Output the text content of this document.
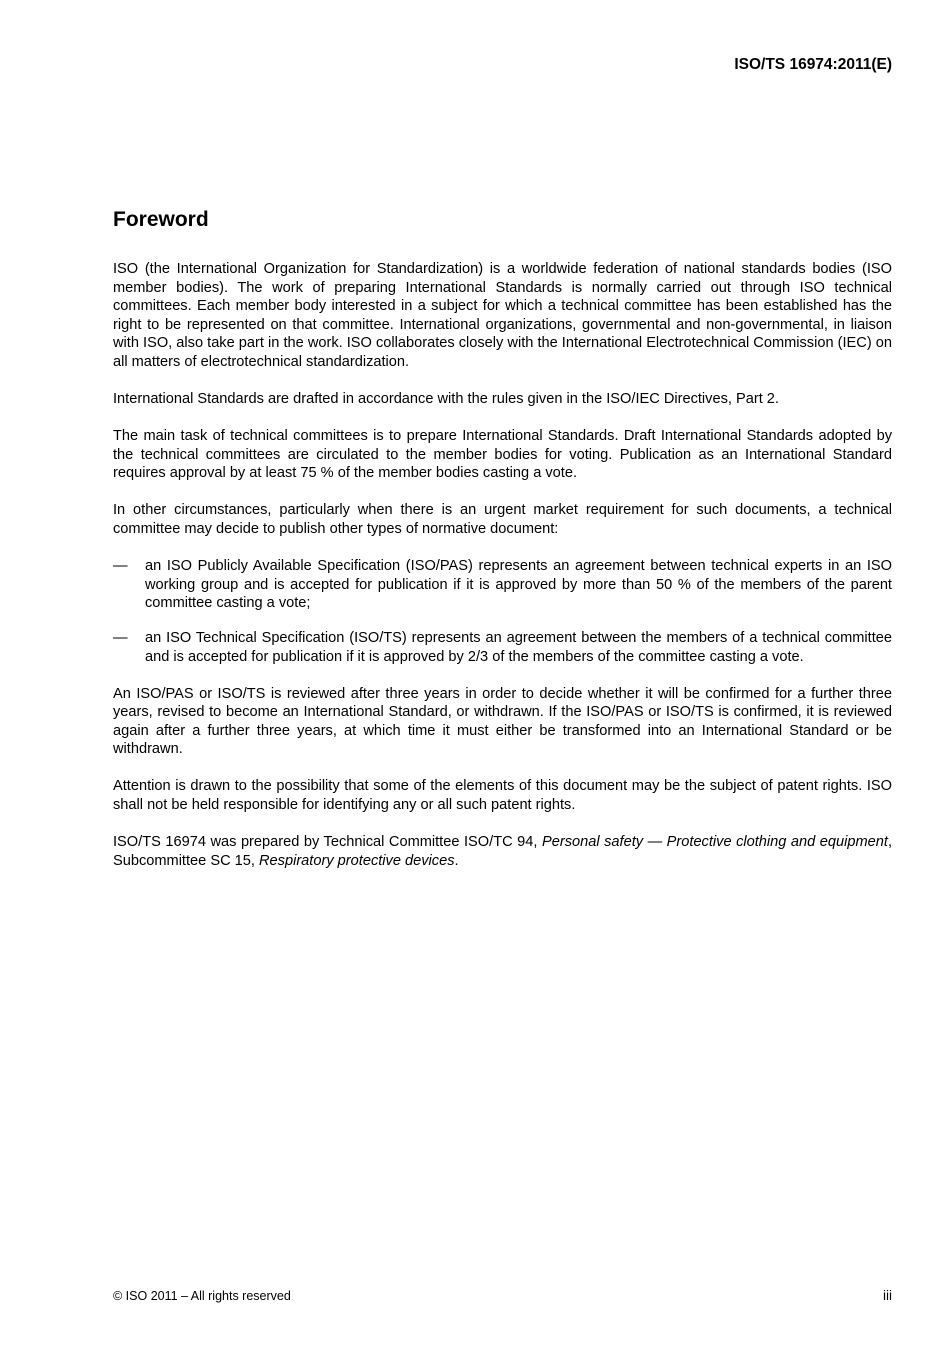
ISO/TS 16974:2011(E)
Foreword

ISO (the International Organization for Standardization) is a worldwide federation of national standards bodies (ISO member bodies). The work of preparing International Standards is normally carried out through ISO technical committees. Each member body interested in a subject for which a technical committee has been established has the right to be represented on that committee. International organizations, governmental and non-governmental, in liaison with ISO, also take part in the work. ISO collaborates closely with the International Electrotechnical Commission (IEC) on all matters of electrotechnical standardization.

International Standards are drafted in accordance with the rules given in the ISO/IEC Directives, Part 2.

The main task of technical committees is to prepare International Standards. Draft International Standards adopted by the technical committees are circulated to the member bodies for voting. Publication as an International Standard requires approval by at least 75 % of the member bodies casting a vote.

In other circumstances, particularly when there is an urgent market requirement for such documents, a technical committee may decide to publish other types of normative document:

— an ISO Publicly Available Specification (ISO/PAS) represents an agreement between technical experts in an ISO working group and is accepted for publication if it is approved by more than 50 % of the members of the parent committee casting a vote;
— an ISO Technical Specification (ISO/TS) represents an agreement between the members of a technical committee and is accepted for publication if it is approved by 2/3 of the members of the committee casting a vote.

An ISO/PAS or ISO/TS is reviewed after three years in order to decide whether it will be confirmed for a further three years, revised to become an International Standard, or withdrawn. If the ISO/PAS or ISO/TS is confirmed, it is reviewed again after a further three years, at which time it must either be transformed into an International Standard or be withdrawn.

Attention is drawn to the possibility that some of the elements of this document may be the subject of patent rights. ISO shall not be held responsible for identifying any or all such patent rights.

ISO/TS 16974 was prepared by Technical Committee ISO/TC 94, Personal safety — Protective clothing and equipment, Subcommittee SC 15, Respiratory protective devices.

© ISO 2011 – All rights reserved	iii
